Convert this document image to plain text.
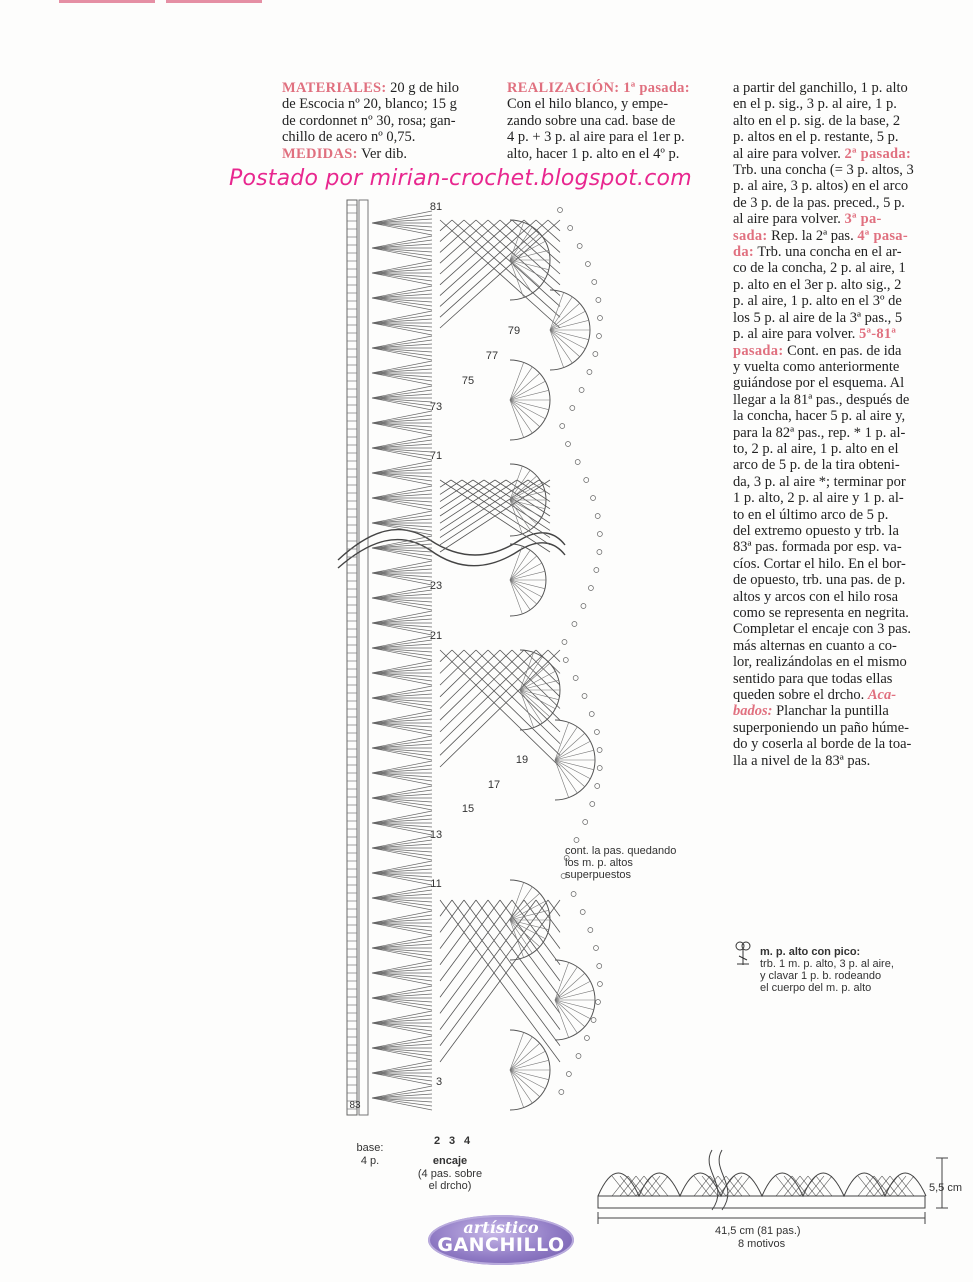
MATERIALES: 20 g de hilo
de Escocia nº 20, blanco; 15 g
de cordonnet nº 30, rosa; gan-
chillo de acero nº 0,75.
MEDIDAS: Ver dib.
REALIZACIÓN: 1ª pasada:
Con el hilo blanco, y empe-
zando sobre una cad. base de
4 p. + 3 p. al aire para el 1er p.
alto, hacer 1 p. alto en el 4º p.
Postado por mirian-crochet.blogspot.com
a partir del ganchillo, 1 p. alto
en el p. sig., 3 p. al aire, 1 p.
alto en el p. sig. de la base, 2
p. altos en el p. restante, 5 p.
al aire para volver. 2ª pasada:
Trb. una concha (= 3 p. altos, 3
p. al aire, 3 p. altos) en el arco
de 3 p. de la pas. preced., 5 p.
al aire para volver. 3ª pa-
sada: Rep. la 2ª pas. 4ª pasa-
da: Trb. una concha en el ar-
co de la concha, 2 p. al aire, 1
p. alto en el 3er p. alto sig., 2
p. al aire, 1 p. alto en el 3º de
los 5 p. al aire de la 3ª pas., 5
p. al aire para volver. 5ª-81ª
pasada: Cont. en pas. de ida
y vuelta como anteriormente
guiándose por el esquema. Al
llegar a la 81ª pas., después de
la concha, hacer 5 p. al aire y,
para la 82ª pas., rep. * 1 p. al-
to, 2 p. al aire, 1 p. alto en el
arco de 5 p. de la tira obteni-
da, 3 p. al aire *; terminar por
1 p. alto, 2 p. al aire y 1 p. al-
to en el último arco de 5 p.
del extremo opuesto y trb. la
83ª pas. formada por esp. va-
cíos. Cortar el hilo. En el bor-
de opuesto, trb. una pas. de p.
altos y arcos con el hilo rosa
como se representa en negrita.
Completar el encaje con 3 pas.
más alternas en cuanto a co-
lor, realizándolas en el mismo
sentido para que todas ellas
queden sobre el drcho. Aca-
bados: Planchar la puntilla
superponiendo un paño húme-
do y coserla al borde de la toa-
lla a nivel de la 83ª pas.
81
79
77
75
73
71
23
21
19
17
15
13
11
3
83
2 3 4
cont. la pas. quedando
los m. p. altos
superpuestos
base:
4 p.	encaje
(4 pas. sobre
el drcho)
m. p. alto con pico:
trb. 1 m. p. alto, 3 p. al aire,
y clavar 1 p. b. rodeando
el cuerpo del m. p. alto
41,5 cm (81 pas.)
8 motivos
5,5 cm
artístico
GANCHILLO
